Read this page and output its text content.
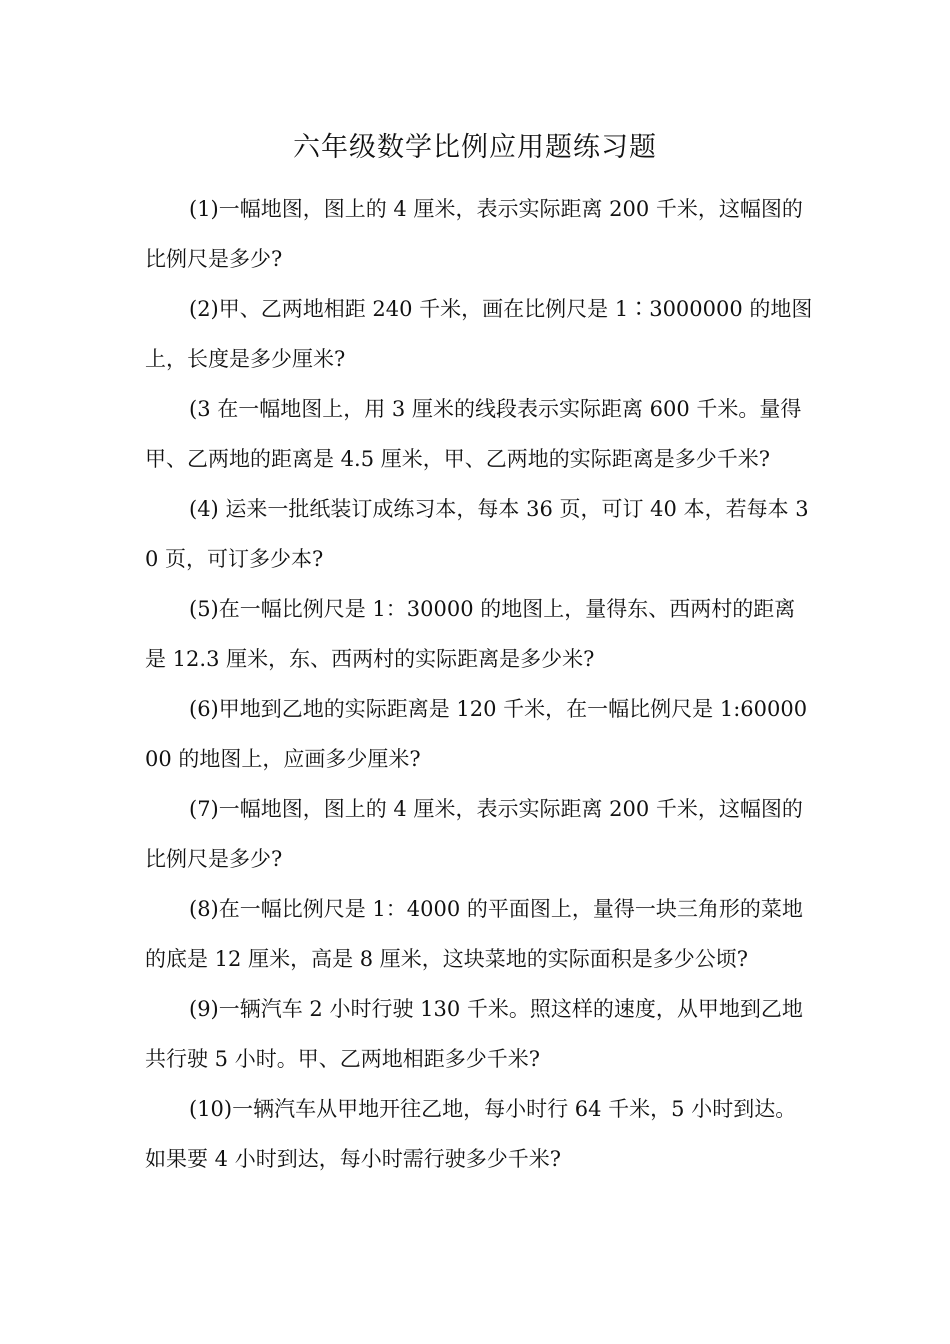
六年级数学比例应用题练习题

(1)一幅地图，图上的 4 厘米，表示实际距离 200 千米，这幅图的比例尺是多少?

(2)甲、乙两地相距 240 千米，画在比例尺是 1∶3000000 的地图上，长度是多少厘米?

(3 在一幅地图上，用 3 厘米的线段表示实际距离 600 千米。量得甲、乙两地的距离是 4.5 厘米，甲、乙两地的实际距离是多少千米?

(4) 运来一批纸装订成练习本，每本 36 页，可订 40 本，若每本 30 页，可订多少本?

(5)在一幅比例尺是 1：30000 的地图上，量得东、西两村的距离是 12.3 厘米，东、西两村的实际距离是多少米?

(6)甲地到乙地的实际距离是 120 千米，在一幅比例尺是 1:6000000 的地图上，应画多少厘米?

(7)一幅地图，图上的 4 厘米，表示实际距离 200 千米，这幅图的比例尺是多少?

(8)在一幅比例尺是 1：4000 的平面图上，量得一块三角形的菜地的底是 12 厘米，高是 8 厘米，这块菜地的实际面积是多少公顷?

(9)一辆汽车 2 小时行驶 130 千米。照这样的速度，从甲地到乙地共行驶 5 小时。甲、乙两地相距多少千米?

(10)一辆汽车从甲地开往乙地，每小时行 64 千米，5 小时到达。如果要 4 小时到达，每小时需行驶多少千米?
